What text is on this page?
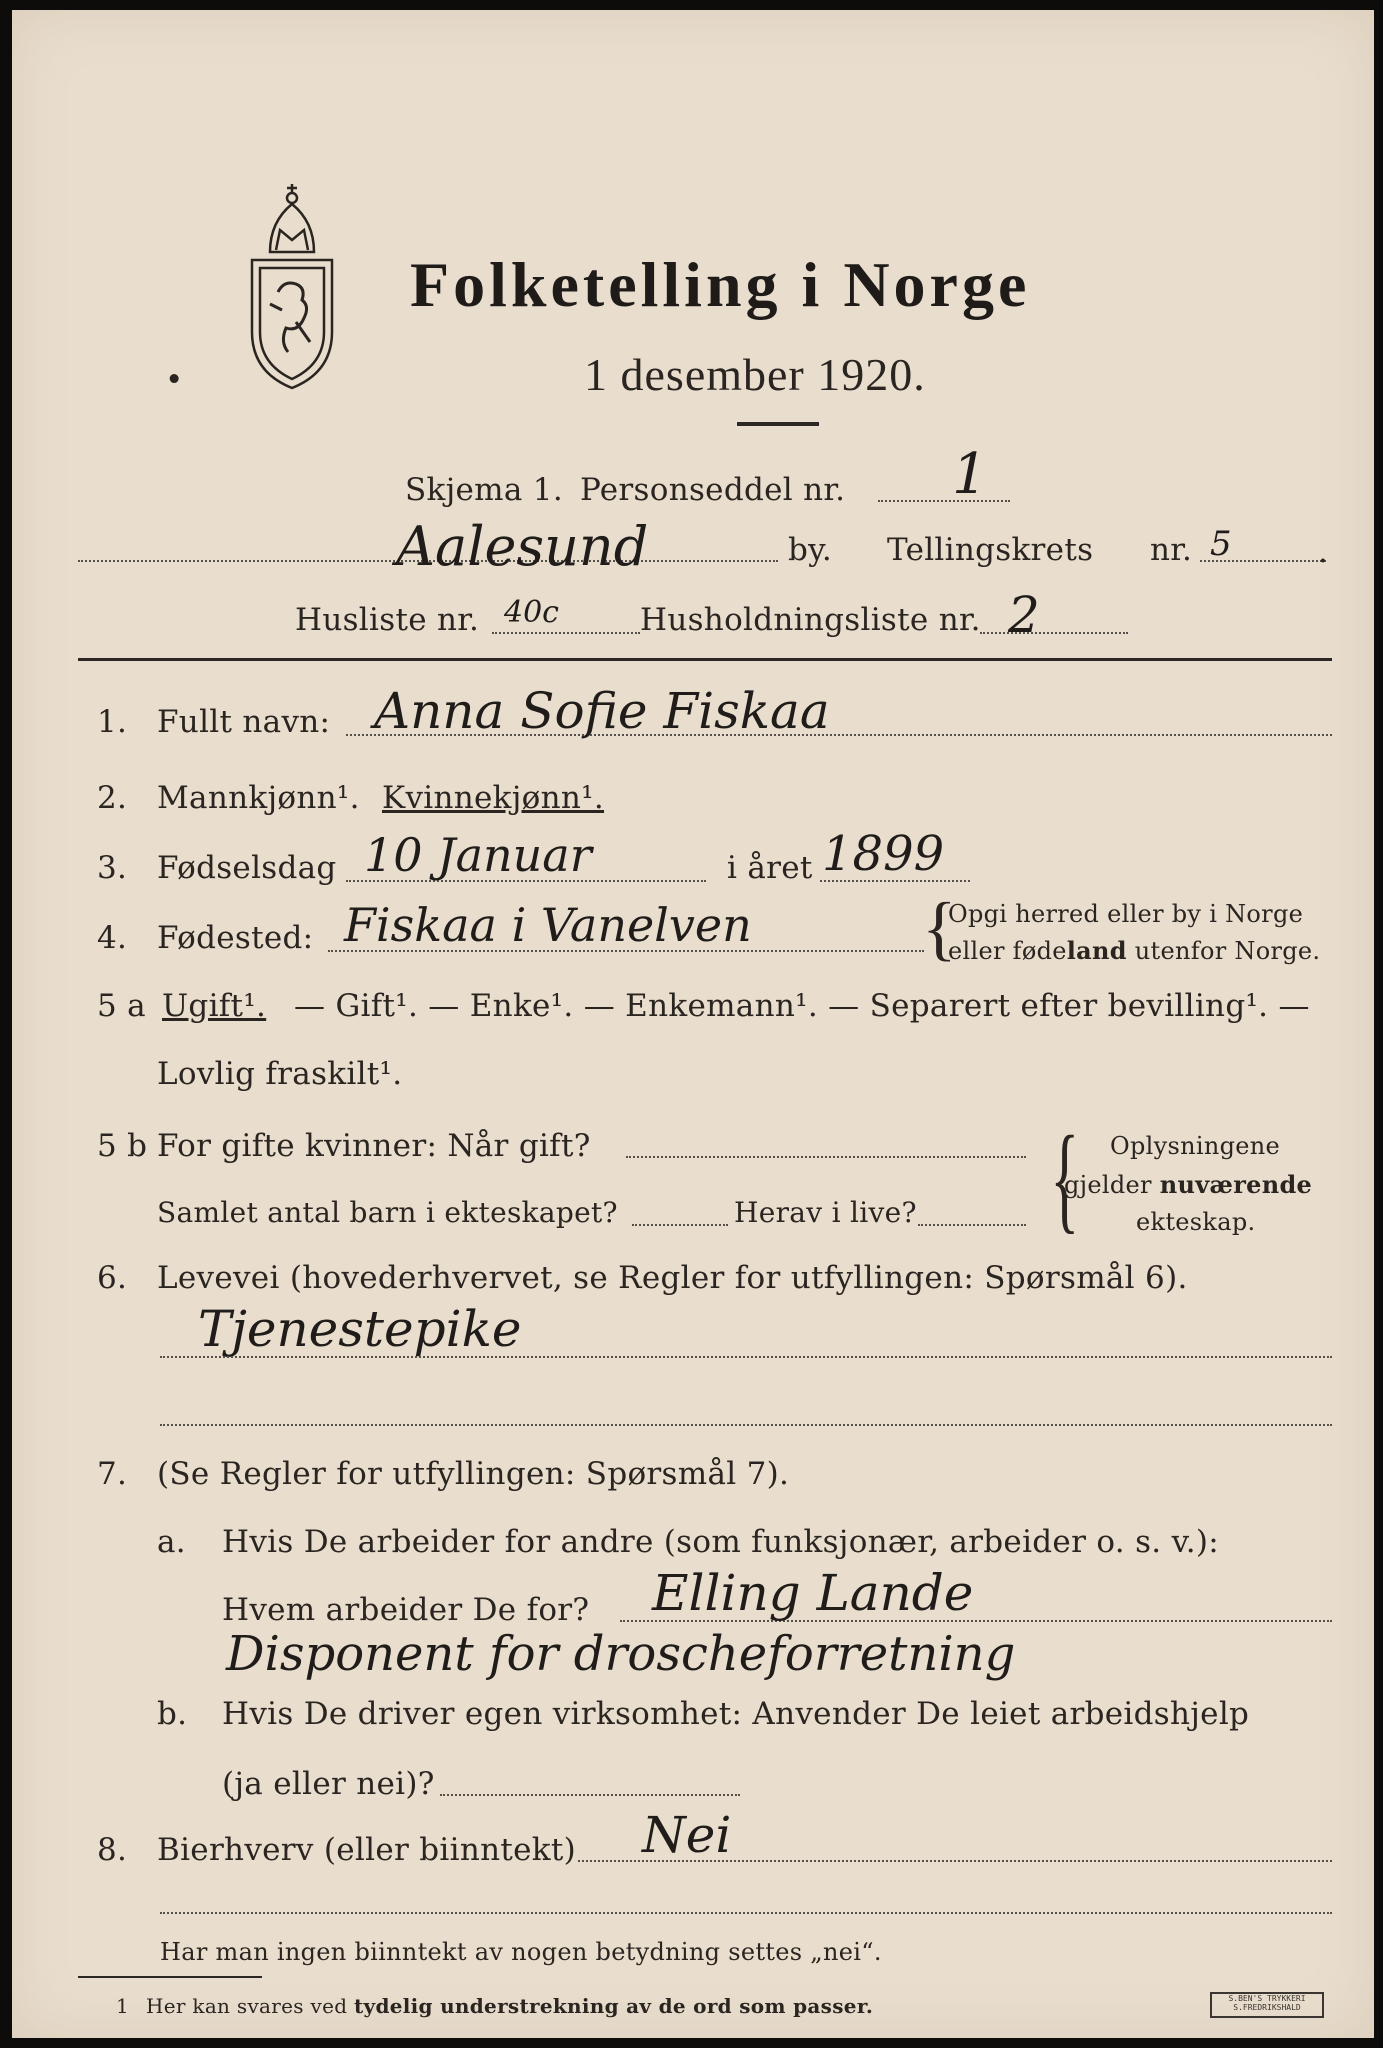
•
Folketelling i Norge
1 desember 1920.
Skjema 1. Personseddel nr. 1
Aalesund	by. Tellingskrets nr. 5	.
Husliste nr. 40c	Husholdningsliste nr. 2
1. Fullt navn: Anna Sofie Fiskaa
2. Mannkjønn¹. Kvinnekjønn¹.
3. Fødselsdag 10 Januar	i året 1899
4. Fødested: Fiskaa i Vanelven {
Opgi herred eller by i Norge
eller fødeland utenfor Norge.
5 a Ugift¹. — Gift¹. — Enke¹. — Enkemann¹. — Separert efter bevilling¹. —
Lovlig fraskilt¹.
5 b For gifte kvinner: Når gift?
Samlet antal barn i ekteskapet?	Herav i live? { Oplysningene
gjelder nuværende
ekteskap.
6. Levevei (hovederhvervet, se Regler for utfyllingen: Spørsmål 6).
Tjenestepike
7. (Se Regler for utfyllingen: Spørsmål 7).
a. Hvis De arbeider for andre (som funksjonær, arbeider o. s. v.):
Hvem arbeider De for? Elling Lande
Disponent for droscheforretning
b. Hvis De driver egen virksomhet: Anvender De leiet arbeidshjelp
(ja eller nei)?
8. Bierhverv (eller biinntekt) Nei
Har man ingen biinntekt av nogen betydning settes „nei“.
1 Her kan svares ved tydelig understrekning av de ord som passer.	S.BEN'S TRYKKERI
S.FREDRIKSHALD
